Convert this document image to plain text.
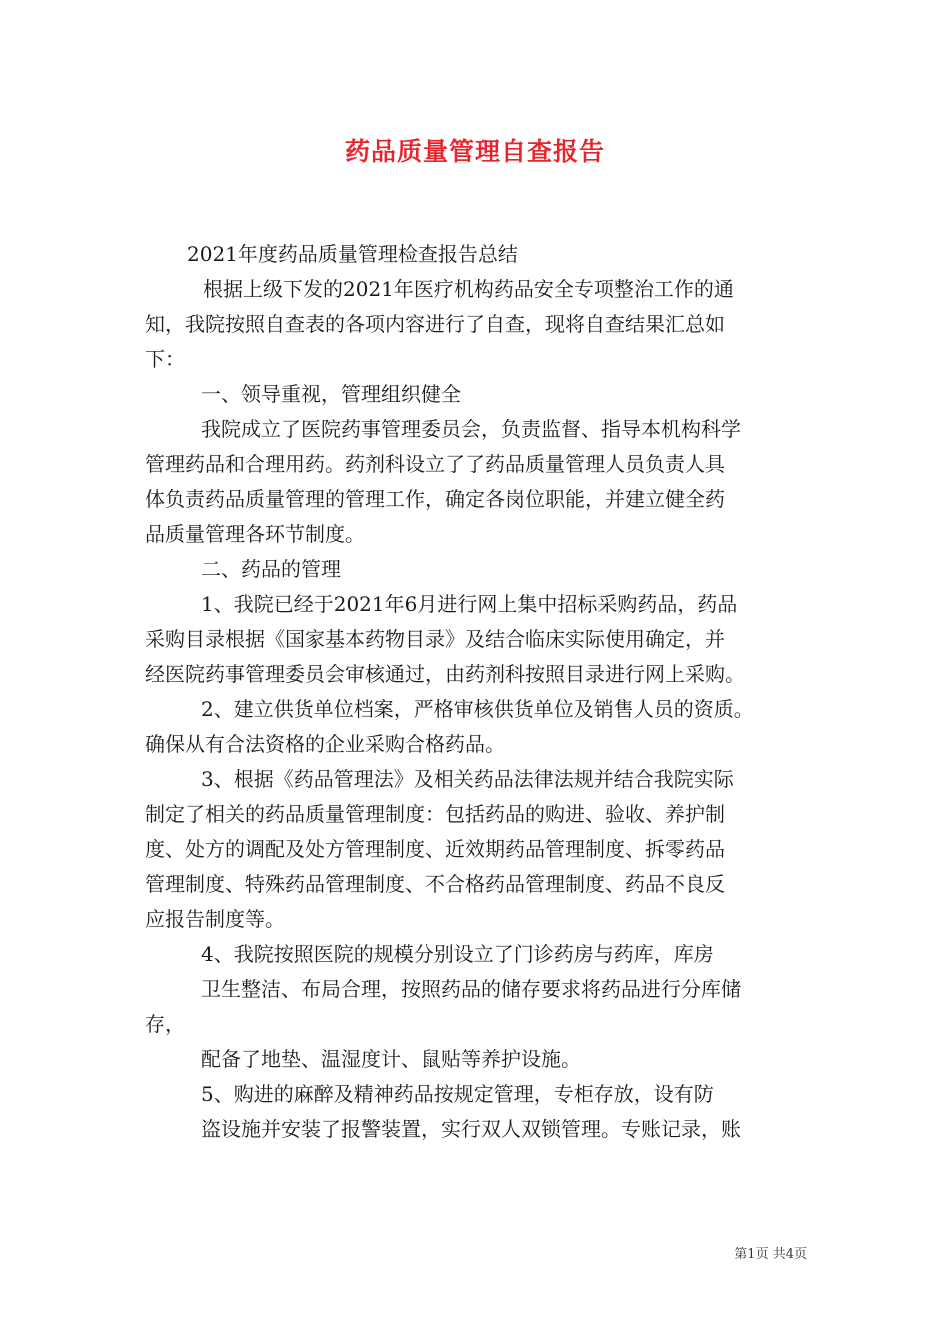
药品质量管理自查报告

2021年度药品质量管理检查报告总结

根据上级下发的2021年医疗机构药品安全专项整治工作的通

知，我院按照自查表的各项内容进行了自查，现将自查结果汇总如

下：

一、领导重视，管理组织健全

我院成立了医院药事管理委员会，负责监督、指导本机构科学

管理药品和合理用药。药剂科设立了了药品质量管理人员负责人具

体负责药品质量管理的管理工作，确定各岗位职能，并建立健全药

品质量管理各环节制度。

二、药品的管理

1、我院已经于2021年6月进行网上集中招标采购药品，药品

采购目录根据《国家基本药物目录》及结合临床实际使用确定，并

经医院药事管理委员会审核通过，由药剂科按照目录进行网上采购。

2、建立供货单位档案，严格审核供货单位及销售人员的资质。

确保从有合法资格的企业采购合格药品。

3、根据《药品管理法》及相关药品法律法规并结合我院实际

制定了相关的药品质量管理制度：包括药品的购进、验收、养护制

度、处方的调配及处方管理制度、近效期药品管理制度、拆零药品

管理制度、特殊药品管理制度、不合格药品管理制度、药品不良反

应报告制度等。

4、我院按照医院的规模分别设立了门诊药房与药库，库房

卫生整洁、布局合理，按照药品的储存要求将药品进行分库储

存，

配备了地垫、温湿度计、鼠贴等养护设施。

5、购进的麻醉及精神药品按规定管理，专柜存放，设有防

盗设施并安装了报警装置，实行双人双锁管理。专账记录，账

第1页 共4页
